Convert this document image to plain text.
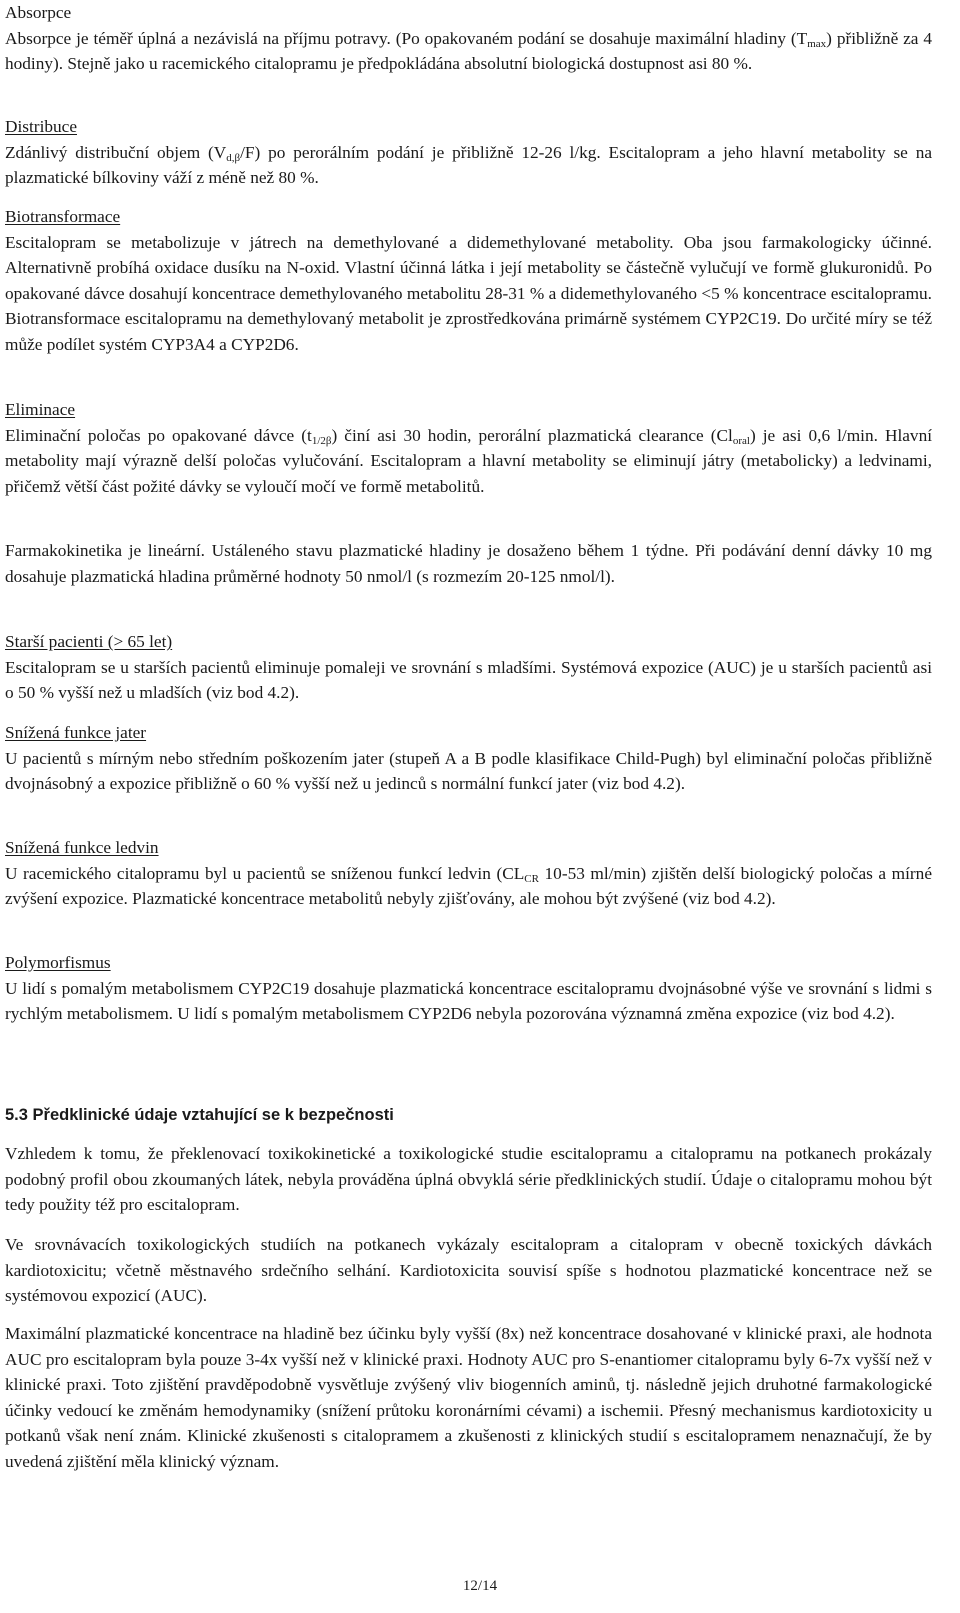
Absorpce

Absorpce je téměř úplná a nezávislá na příjmu potravy. (Po opakovaném podání se dosahuje maximální hladiny $(T_{max})$ přibližně za 4 hodiny). Stejně jako u racemického citalopramu je předpokládána absolutní biologická dostupnost asi 80 %.

Distribuce

Zdánlivý distribuční objem $(V_{d,\beta}/F)$ po perorálním podání je přibližně 12-26 l/kg. Escitalopram a jeho hlavní metabolity se na plazmatické bílkoviny váží z méně než 80 %.

Biotransformace

Escitalopram se metabolizuje v játrech na demethylované a didemethylované metabolity. Oba jsou farmakologicky účinné. Alternativně probíhá oxidace dusíku na N-oxid. Vlastní účinná látka i její metabolity se částečně vylučují ve formě glukuronidů. Po opakované dávce dosahují koncentrace demethylovaného metabolitu 28-31 % a didemethylovaného <5 % koncentrace escitalopramu. Biotransformace escitalopramu na demethylovaný metabolit je zprostředkována primárně systémem CYP2C19. Do určité míry se též může podílet systém CYP3A4 a CYP2D6.

Eliminace

Eliminační poločas po opakované dávce $(t_{1/2\beta})$ činí asi 30 hodin, perorální plazmatická clearance $(Cl_{oral})$ je asi 0,6 l/min. Hlavní metabolity mají výrazně delší poločas vylučování. Escitalopram a hlavní metabolity se eliminují játry (metabolicky) a ledvinami, přičemž větší část požité dávky se vyloučí močí ve formě metabolitů.

Farmakokinetika je lineární. Ustáleného stavu plazmatické hladiny je dosaženo během 1 týdne. Při podávání denní dávky 10 mg dosahuje plazmatická hladina průměrné hodnoty 50 nmol/l (s rozmezím 20-125 nmol/l).

Starší pacienti (> 65 let)

Escitalopram se u starších pacientů eliminuje pomaleji ve srovnání s mladšími. Systémová expozice (AUC) je u starších pacientů asi o 50 % vyšší než u mladších (viz bod 4.2).

Snížená funkce jater

U pacientů s mírným nebo středním poškozením jater (stupeň A a B podle klasifikace Child-Pugh) byl eliminační poločas přibližně dvojnásobný a expozice přibližně o 60 % vyšší než u jedinců s normální funkcí jater (viz bod 4.2).

Snížená funkce ledvin

U racemického citalopramu byl u pacientů se sníženou funkcí ledvin ($CL_{CR}$ 10-53 ml/min) zjištěn delší biologický poločas a mírné zvýšení expozice. Plazmatické koncentrace metabolitů nebyly zjišťovány, ale mohou být zvýšené (viz bod 4.2).

Polymorfismus

U lidí s pomalým metabolismem CYP2C19 dosahuje plazmatická koncentrace escitalopramu dvojnásobné výše ve srovnání s lidmi s rychlým metabolismem. U lidí s pomalým metabolismem CYP2D6 nebyla pozorována významná změna expozice (viz bod 4.2).

5.3 Předklinické údaje vztahující se k bezpečnosti

Vzhledem k tomu, že překlenovací toxikokinetické a toxikologické studie escitalopramu a citalopramu na potkanech prokázaly podobný profil obou zkoumaných látek, nebyla prováděna úplná obvyklá série předklinických studií. Údaje o citalopramu mohou být tedy použity též pro escitalopram.

Ve srovnávacích toxikologických studiích na potkanech vykázaly escitalopram a citalopram v obecně toxických dávkách kardiotoxicitu; včetně městnavého srdečního selhání. Kardiotoxicita souvisí spíše s hodnotou plazmatické koncentrace než se systémovou expozicí (AUC).

Maximální plazmatické koncentrace na hladině bez účinku byly vyšší (8x) než koncentrace dosahované v klinické praxi, ale hodnota AUC pro escitalopram byla pouze 3-4x vyšší než v klinické praxi. Hodnoty AUC pro S-enantiomer citalopramu byly 6-7x vyšší než v klinické praxi. Toto zjištění pravděpodobně vysvětluje zvýšený vliv biogenních aminů, tj. následně jejich druhotné farmakologické účinky vedoucí ke změnám hemodynamiky (snížení průtoku koronárními cévami) a ischemii. Přesný mechanismus kardiotoxicity u potkanů však není znám. Klinické zkušenosti s citalopramem a zkušenosti z klinických studií s escitalopramem nenaznačují, že by uvedená zjištění měla klinický význam.

12/14
